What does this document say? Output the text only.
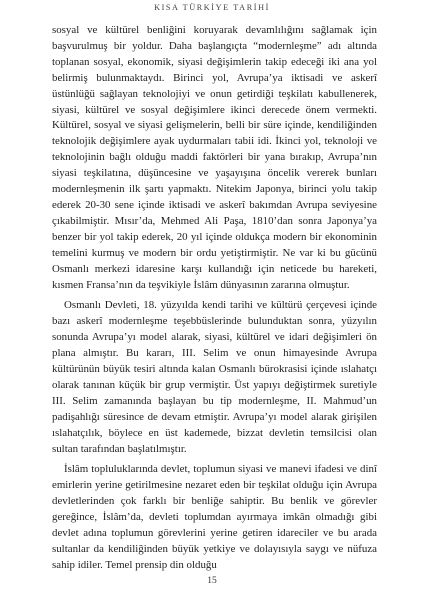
KISA TÜRKİYE TARİHİ

sosyal ve kültürel benliğini koruyarak devamlılığını sağlamak için başvurulmuş bir yoldur. Daha başlangıçta “modernleşme” adı altında toplanan sosyal, ekonomik, siyasi değişimlerin takip edeceği iki ana yol belirmiş bulunmaktaydı. Birinci yol, Avrupa’ya iktisadi ve askerî üstünlüğü sağlayan teknolojiyi ve onun getirdiği teşkilatı kabullenerek, siyasi, kültürel ve sosyal değişimlere ikinci derecede önem vermekti. Kültürel, sosyal ve siyasi gelişmelerin, belli bir süre içinde, kendiliğinden teknolojik değişimlere ayak uydurmaları tabii idi. İkinci yol, teknoloji ve teknolojinin bağlı olduğu maddi faktörleri bir yana bırakıp, Avrupa’nın siyasi teşkilatına, düşüncesine ve yaşayışına öncelik vererek bunları modernleşmenin ilk şartı yapmaktı. Nitekim Japonya, birinci yolu takip ederek 20-30 sene içinde iktisadi ve askerî bakımdan Avrupa seviyesine çıkabilmiştir. Mısır’da, Mehmed Ali Paşa, 1810’dan sonra Japonya’ya benzer bir yol takip ederek, 20 yıl içinde oldukça modern bir ekonominin temelini kurmuş ve modern bir ordu yetiştirmiştir. Ne var ki bu gücünü Osmanlı merkezi idaresine karşı kullandığı için neticede bu hareketi, kısmen Fransa’nın da teşvikiyle İslâm dünyasının zararına olmuştur.

Osmanlı Devleti, 18. yüzyılda kendi tarihi ve kültürü çerçevesi içinde bazı askerî modernleşme teşebbüslerinde bulunduktan sonra, yüzyılın sonunda Avrupa’yı model alarak, siyasi, kültürel ve idari değişimleri ön plana almıştır. Bu kararı, III. Selim ve onun himayesinde Avrupa kültürünün büyük tesiri altında kalan Osmanlı bürokrasisi içinde ıslahatçı olarak tanınan küçük bir grup vermiştir. Üst yapıyı değiştirmek suretiyle III. Selim zamanında başlayan bu tip modernleşme, II. Mahmud’un padişahlığı süresince de devam etmiştir. Avrupa’yı model alarak girişilen ıslahatçılık, böylece en üst kademede, bizzat devletin temsilcisi olan sultan tarafından başlatılmıştır.

İslâm topluluklarında devlet, toplumun siyasi ve manevi ifadesi ve dinî emirlerin yerine getirilmesine nezaret eden bir teşkilat olduğu için Avrupa devletlerinden çok farklı bir benliğe sahiptir. Bu benlik ve görevler gereğince, İslâm’da, devleti toplumdan ayırmaya imkân olmadığı gibi devlet adına toplumun görevlerini yerine getiren idareciler ve bu arada sultanlar da kendiliğinden büyük yetkiye ve dolayısıyla saygı ve nüfuza sahip idiler. Temel prensip din olduğu

15
